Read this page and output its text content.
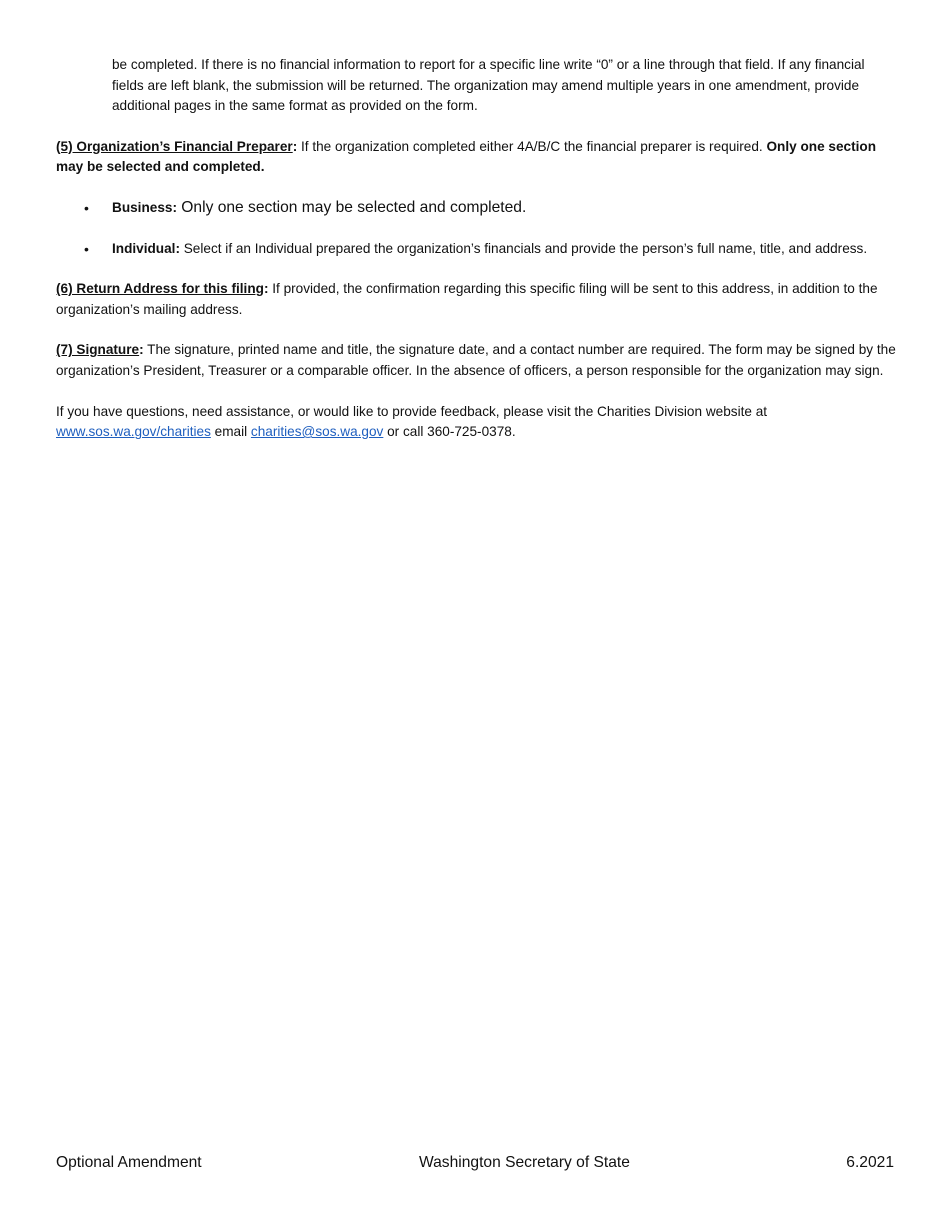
be completed. If there is no financial information to report for a specific line write “0” or a line through that field. If any financial fields are left blank, the submission will be returned. The organization may amend multiple years in one amendment, provide additional pages in the same format as provided on the form.

(5) Organization’s Financial Preparer: If the organization completed either 4A/B/C the financial preparer is required. Only one section may be selected and completed.

• Business: Only one section may be selected and completed.
• Individual: Select if an Individual prepared the organization’s financials and provide the person’s full name, title, and address.

(6) Return Address for this filing: If provided, the confirmation regarding this specific filing will be sent to this address, in addition to the organization’s mailing address.

(7) Signature: The signature, printed name and title, the signature date, and a contact number are required. The form may be signed by the organization’s President, Treasurer or a comparable officer. In the absence of officers, a person responsible for the organization may sign.

If you have questions, need assistance, or would like to provide feedback, please visit the Charities Division website at www.sos.wa.gov/charities email charities@sos.wa.gov or call 360-725-0378.

Optional Amendment	Washington Secretary of State	6.2021
